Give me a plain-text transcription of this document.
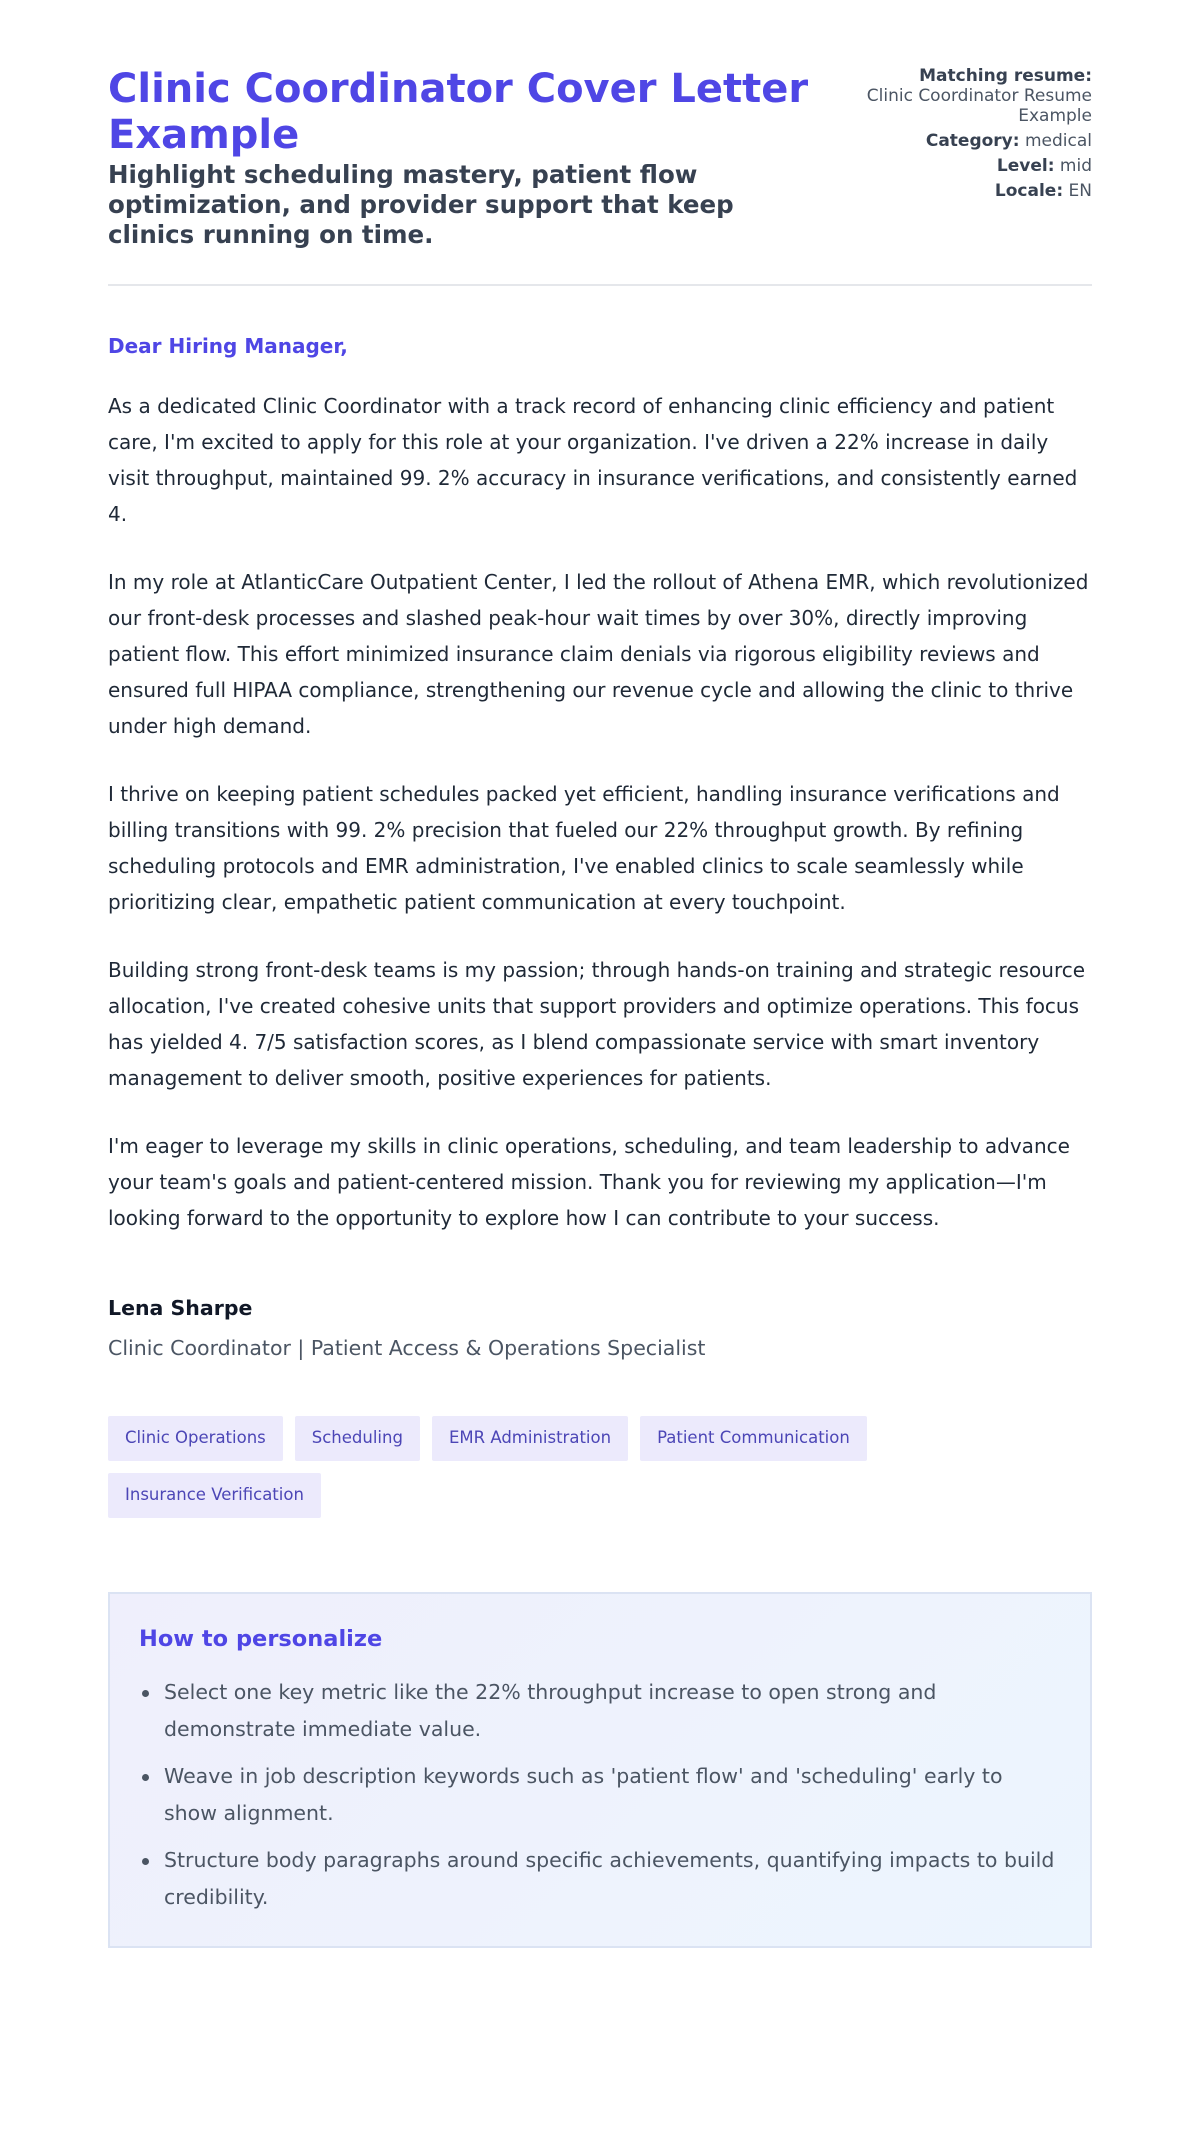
Clinic Coordinator Cover Letter Example
Highlight scheduling mastery, patient flow optimization, and provider support that keep clinics running on time.
Matching resume:
Clinic Coordinator Resume Example
Category: medical
Level: mid
Locale: EN

Dear Hiring Manager,

As a dedicated Clinic Coordinator with a track record of enhancing clinic efficiency and patient care, I'm excited to apply for this role at your organization. I've driven a 22% increase in daily visit throughput, maintained 99. 2% accuracy in insurance verifications, and consistently earned 4.

In my role at AtlanticCare Outpatient Center, I led the rollout of Athena EMR, which revolutionized our front-desk processes and slashed peak-hour wait times by over 30%, directly improving patient flow. This effort minimized insurance claim denials via rigorous eligibility reviews and ensured full HIPAA compliance, strengthening our revenue cycle and allowing the clinic to thrive under high demand.

I thrive on keeping patient schedules packed yet efficient, handling insurance verifications and billing transitions with 99. 2% precision that fueled our 22% throughput growth. By refining scheduling protocols and EMR administration, I've enabled clinics to scale seamlessly while prioritizing clear, empathetic patient communication at every touchpoint.

Building strong front-desk teams is my passion; through hands-on training and strategic resource allocation, I've created cohesive units that support providers and optimize operations. This focus has yielded 4. 7/5 satisfaction scores, as I blend compassionate service with smart inventory management to deliver smooth, positive experiences for patients.

I'm eager to leverage my skills in clinic operations, scheduling, and team leadership to advance your team's goals and patient-centered mission. Thank you for reviewing my application—I'm looking forward to the opportunity to explore how I can contribute to your success.

Lena Sharpe
Clinic Coordinator | Patient Access & Operations Specialist
Clinic Operations	Scheduling	EMR Administration	Patient Communication
Insurance Verification
How to personalize
Select one key metric like the 22% throughput increase to open strong and demonstrate immediate value.
Weave in job description keywords such as 'patient flow' and 'scheduling' early to show alignment.
Structure body paragraphs around specific achievements, quantifying impacts to build credibility.
